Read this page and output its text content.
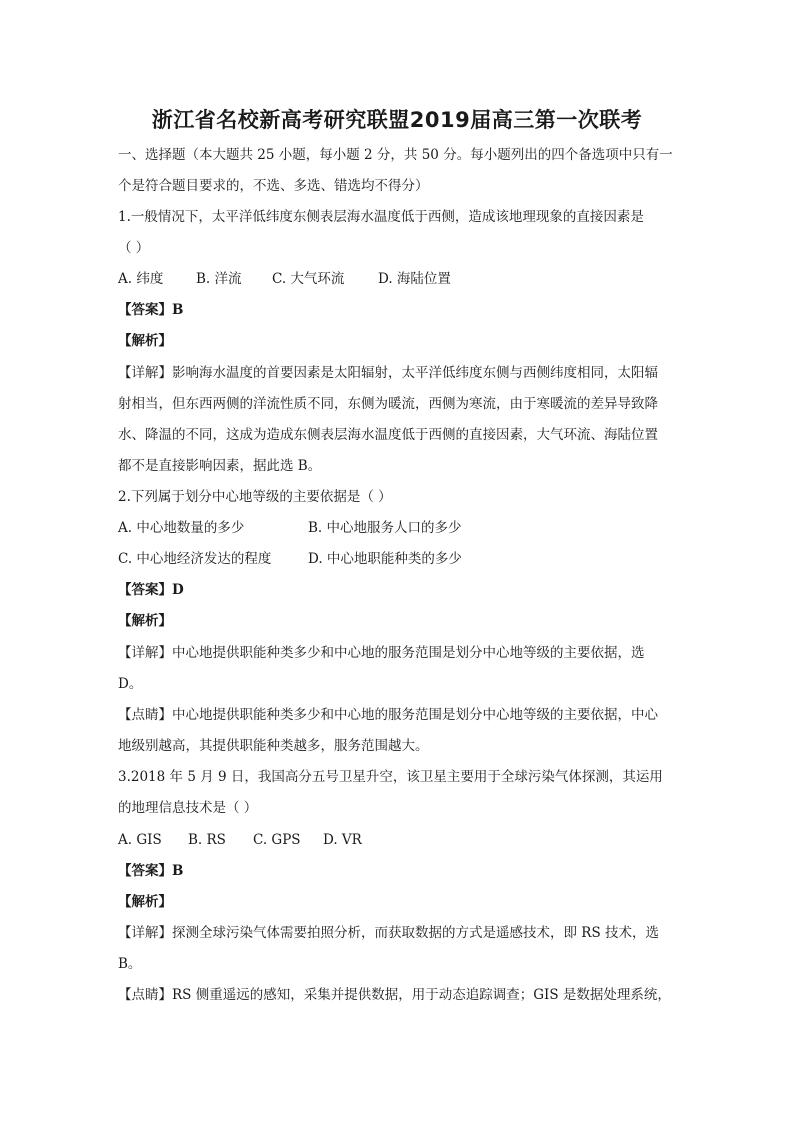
浙江省名校新高考研究联盟2019届高三第一次联考
一、选择题（本大题共 25 小题，每小题 2 分，共 50 分。每小题列出的四个备选项中只有一
个是符合题目要求的，不选、多选、错选均不得分）
1.一般情况下，太平洋低纬度东侧表层海水温度低于西侧，造成该地理现象的直接因素是
（ ）
A. 纬度 B. 洋流 C. 大气环流 D. 海陆位置
【答案】B
【解析】
【详解】影响海水温度的首要因素是太阳辐射，太平洋低纬度东侧与西侧纬度相同，太阳辐
射相当，但东西两侧的洋流性质不同，东侧为暖流，西侧为寒流，由于寒暖流的差异导致降
水、降温的不同，这成为造成东侧表层海水温度低于西侧的直接因素，大气环流、海陆位置
都不是直接影响因素，据此选 B。
2.下列属于划分中心地等级的主要依据是（ ）
A. 中心地数量的多少	B. 中心地服务人口的多少
C. 中心地经济发达的程度	D. 中心地职能种类的多少
【答案】D
【解析】
【详解】中心地提供职能种类多少和中心地的服务范围是划分中心地等级的主要依据，选
D。
【点睛】中心地提供职能种类多少和中心地的服务范围是划分中心地等级的主要依据，中心
地级别越高，其提供职能种类越多，服务范围越大。
3.2018 年 5 月 9 日，我国高分五号卫星升空，该卫星主要用于全球污染气体探测，其运用
的地理信息技术是（ ）
A. GIS B. RS C. GPS D. VR
【答案】B
【解析】
【详解】探测全球污染气体需要拍照分析，而获取数据的方式是遥感技术，即 RS 技术，选
B。
【点睛】RS 侧重遥远的感知，采集并提供数据，用于动态追踪调查；GIS 是数据处理系统，
